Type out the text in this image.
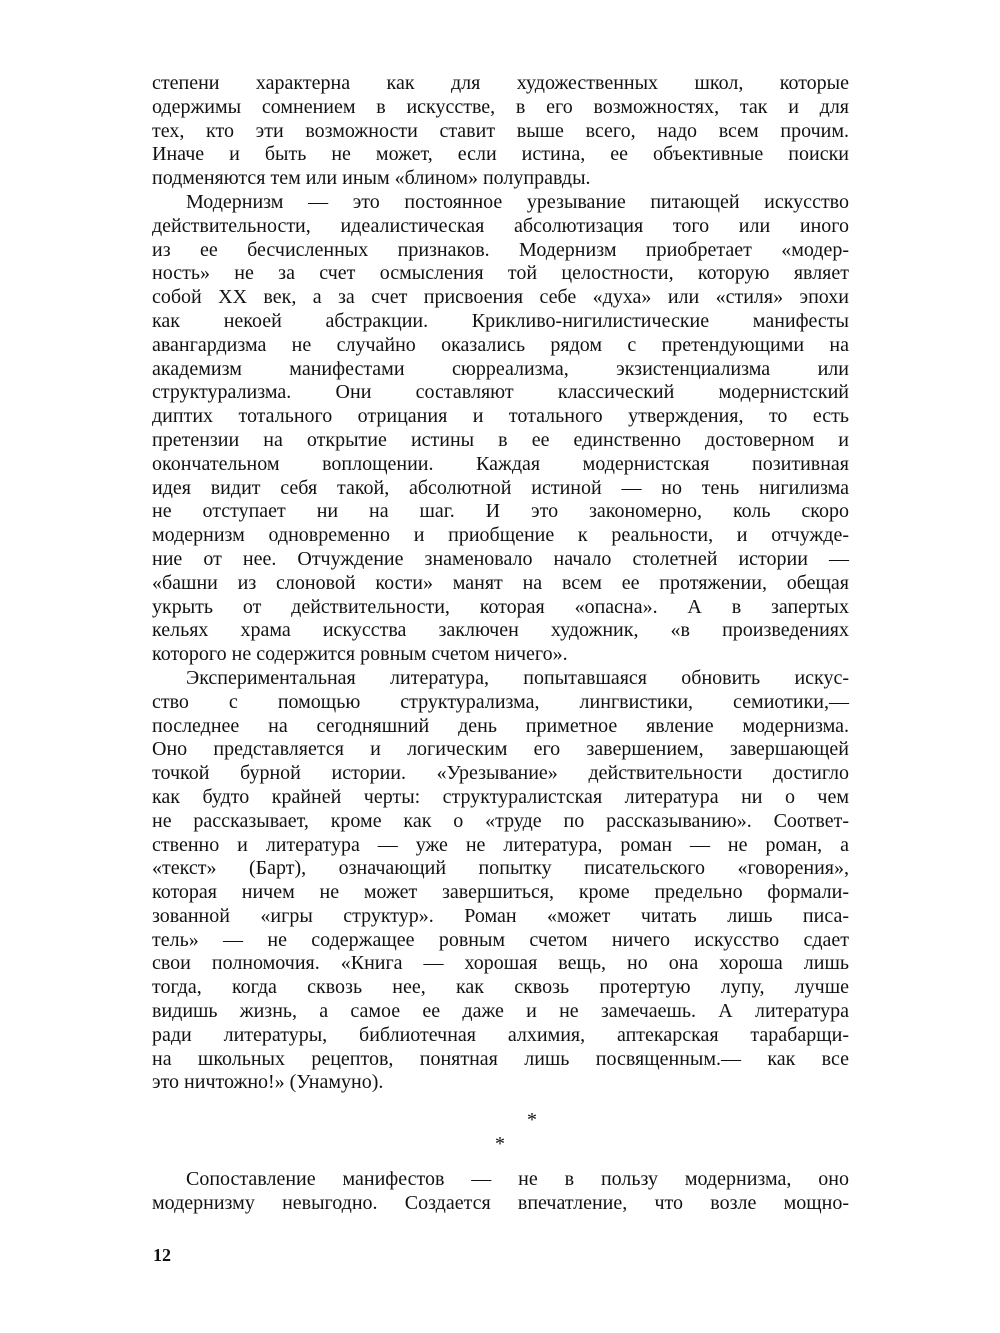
степени характерна как для художественных школ, которые
одержимы сомнением в искусстве, в его возможностях, так и для
тех, кто эти возможности ставит выше всего, надо всем прочим.
Иначе и быть не может, если истина, ее объективные поиски
подменяются тем или иным «блином» полуправды.
Модернизм — это постоянное урезывание питающей искусство
действительности, идеалистическая абсолютизация того или иного
из ее бесчисленных признаков. Модернизм приобретает «модер-
ность» не за счет осмысления той целостности, которую являет
собой XX век, а за счет присвоения себе «духа» или «стиля» эпохи
как некоей абстракции. Крикливо-нигилистические манифесты
авангардизма не случайно оказались рядом с претендующими на
академизм манифестами сюрреализма, экзистенциализма или
структурализма. Они составляют классический модернистский
диптих тотального отрицания и тотального утверждения, то есть
претензии на открытие истины в ее единственно достоверном и
окончательном воплощении. Каждая модернистская позитивная
идея видит себя такой, абсолютной истиной — но тень нигилизма
не отступает ни на шаг. И это закономерно, коль скоро
модернизм одновременно и приобщение к реальности, и отчужде-
ние от нее. Отчуждение знаменовало начало столетней истории —
«башни из слоновой кости» манят на всем ее протяжении, обещая
укрыть от действительности, которая «опасна». А в запертых
кельях храма искусства заключен художник, «в произведениях
которого не содержится ровным счетом ничего».
Экспериментальная литература, попытавшаяся обновить искус-
ство с помощью структурализма, лингвистики, семиотики,—
последнее на сегодняшний день приметное явление модернизма.
Оно представляется и логическим его завершением, завершающей
точкой бурной истории. «Урезывание» действительности достигло
как будто крайней черты: структуралистская литература ни о чем
не рассказывает, кроме как о «труде по рассказыванию». Соответ-
ственно и литература — уже не литература, роман — не роман, а
«текст» (Барт), означающий попытку писательского «говорения»,
которая ничем не может завершиться, кроме предельно формали-
зованной «игры структур». Роман «может читать лишь писа-
тель» — не содержащее ровным счетом ничего искусство сдает
свои полномочия. «Книга — хорошая вещь, но она хороша лишь
тогда, когда сквозь нее, как сквозь протертую лупу, лучше
видишь жизнь, а самое ее даже и не замечаешь. А литература
ради литературы, библиотечная алхимия, аптекарская тарабарщи-
на школьных рецептов, понятная лишь посвященным.— как все
это ничтожно!» (Унамуно).
*
*
Сопоставление манифестов — не в пользу модернизма, оно
модернизму невыгодно. Создается впечатление, что возле мощно-
12
